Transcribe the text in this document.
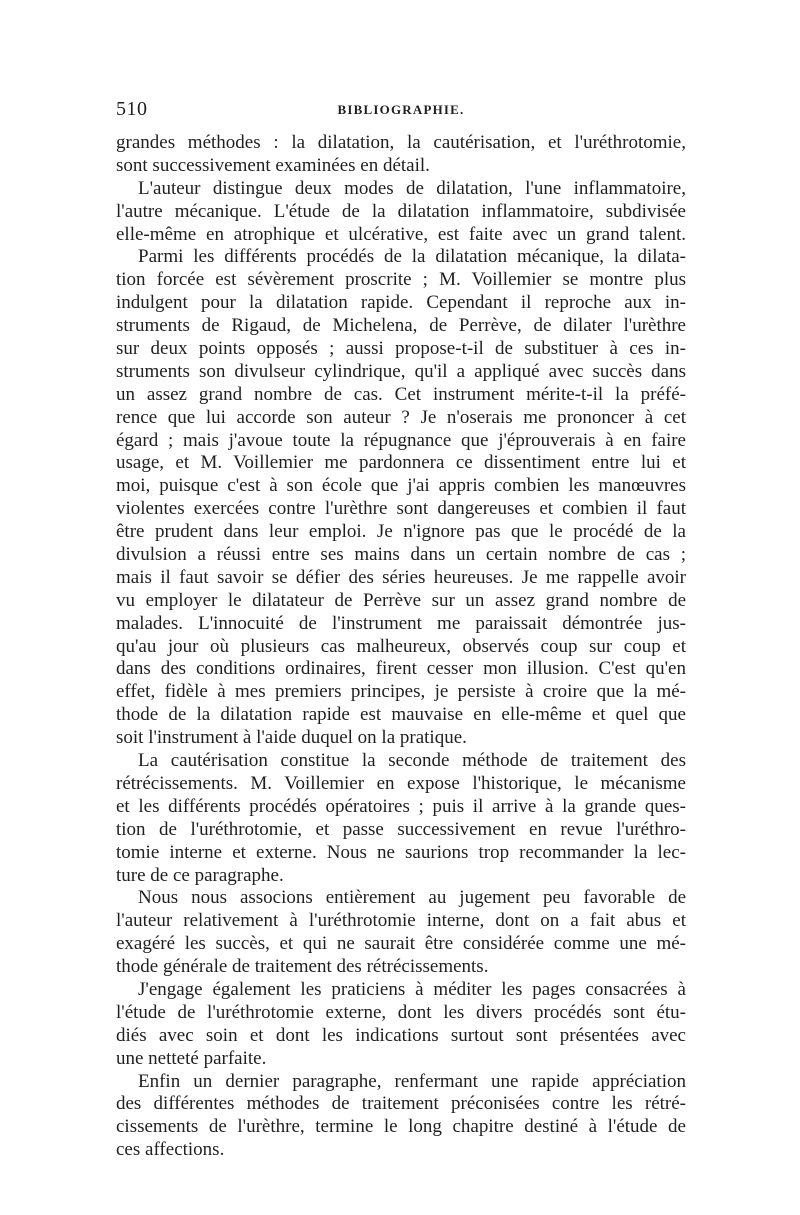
510	BIBLIOGRAPHIE.
grandes méthodes : la dilatation, la cautérisation, et l'uréthrotomie,
sont successivement examinées en détail.
L'auteur distingue deux modes de dilatation, l'une inflammatoire,
l'autre mécanique. L'étude de la dilatation inflammatoire, subdivisée
elle-même en atrophique et ulcérative, est faite avec un grand talent.
Parmi les différents procédés de la dilatation mécanique, la dilata-
tion forcée est sévèrement proscrite ; M. Voillemier se montre plus
indulgent pour la dilatation rapide. Cependant il reproche aux in-
struments de Rigaud, de Michelena, de Perrève, de dilater l'urèthre
sur deux points opposés ; aussi propose-t-il de substituer à ces in-
struments son divulseur cylindrique, qu'il a appliqué avec succès dans
un assez grand nombre de cas. Cet instrument mérite-t-il la préfé-
rence que lui accorde son auteur ? Je n'oserais me prononcer à cet
égard ; mais j'avoue toute la répugnance que j'éprouverais à en faire
usage, et M. Voillemier me pardonnera ce dissentiment entre lui et
moi, puisque c'est à son école que j'ai appris combien les manœuvres
violentes exercées contre l'urèthre sont dangereuses et combien il faut
être prudent dans leur emploi. Je n'ignore pas que le procédé de la
divulsion a réussi entre ses mains dans un certain nombre de cas ;
mais il faut savoir se défier des séries heureuses. Je me rappelle avoir
vu employer le dilatateur de Perrève sur un assez grand nombre de
malades. L'innocuité de l'instrument me paraissait démontrée jus-
qu'au jour où plusieurs cas malheureux, observés coup sur coup et
dans des conditions ordinaires, firent cesser mon illusion. C'est qu'en
effet, fidèle à mes premiers principes, je persiste à croire que la mé-
thode de la dilatation rapide est mauvaise en elle-même et quel que
soit l'instrument à l'aide duquel on la pratique.
La cautérisation constitue la seconde méthode de traitement des
rétrécissements. M. Voillemier en expose l'historique, le mécanisme
et les différents procédés opératoires ; puis il arrive à la grande ques-
tion de l'uréthrotomie, et passe successivement en revue l'uréthro-
tomie interne et externe. Nous ne saurions trop recommander la lec-
ture de ce paragraphe.
Nous nous associons entièrement au jugement peu favorable de
l'auteur relativement à l'uréthrotomie interne, dont on a fait abus et
exagéré les succès, et qui ne saurait être considérée comme une mé-
thode générale de traitement des rétrécissements.
J'engage également les praticiens à méditer les pages consacrées à
l'étude de l'uréthrotomie externe, dont les divers procédés sont étu-
diés avec soin et dont les indications surtout sont présentées avec
une netteté parfaite.
Enfin un dernier paragraphe, renfermant une rapide appréciation
des différentes méthodes de traitement préconisées contre les rétré-
cissements de l'urèthre, termine le long chapitre destiné à l'étude de
ces affections.
